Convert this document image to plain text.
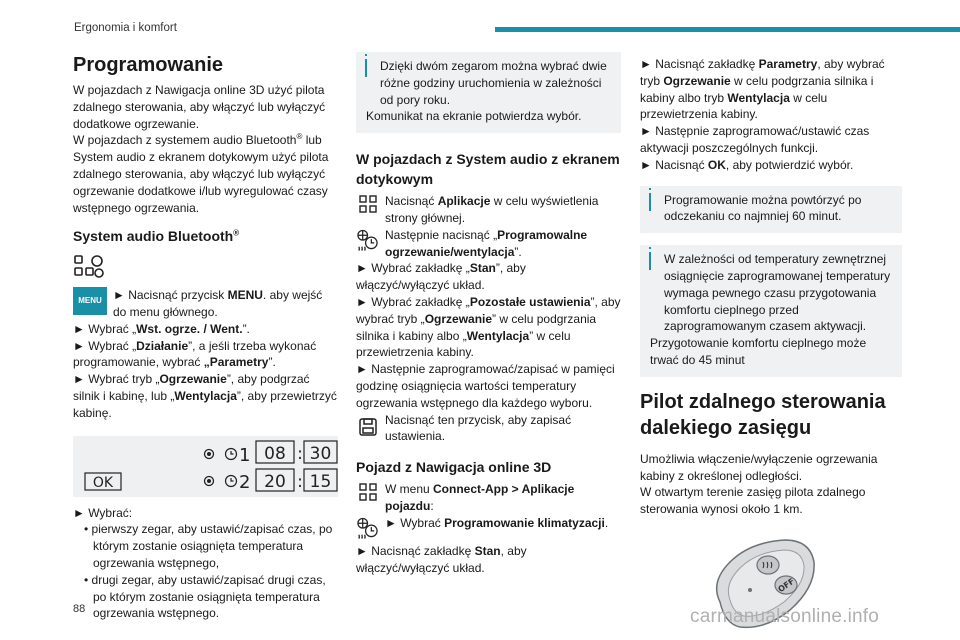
Ergonomia i komfort
Programowanie

W pojazdach z Nawigacja online 3D użyć pilota zdalnego sterowania, aby włączyć lub wyłączyć dodatkowe ogrzewanie.

W pojazdach z systemem audio Bluetooth® lub System audio z ekranem dotykowym użyć pilota zdalnego sterowania, aby włączyć lub wyłączyć ogrzewanie dodatkowe i/lub wyregulować czasy wstępnego ogrzewania.

System audio Bluetooth®
MENU ► Nacisnąć przycisk MENU. aby wejść do menu głównego.

► Wybrać „Wst. ogrze. / Went.”.

► Wybrać „Działanie”, a jeśli trzeba wykonać programowanie, wybrać „Parametry”.

► Wybrać tryb „Ogrzewanie”, aby podgrzać silnik i kabinę, lub „Wentylacja”, aby przewietrzyć kabinę.

1 08 : 30
OK	2 20 : 15

► Wybrać:

• pierwszy zegar, aby ustawić/zapisać czas, po którym zostanie osiągnięta temperatura ogrzewania wstępnego,

• drugi zegar, aby ustawić/zapisać drugi czas, po którym zostanie osiągnięta temperatura ogrzewania wstępnego.

Dzięki dwóm zegarom można wybrać dwie różne godziny uruchomienia w zależności od pory roku.

Komunikat na ekranie potwierdza wybór.

W pojazdach z System audio z ekranem dotykowym
Nacisnąć Aplikacje w celu wyświetlenia strony głównej.
Następnie nacisnąć „Programowalne ogrzewanie/wentylacja”.

► Wybrać zakładkę „Stan”, aby włączyć/wyłączyć układ.

► Wybrać zakładkę „Pozostałe ustawienia”, aby wybrać tryb „Ogrzewanie” w celu podgrzania silnika i kabiny albo „Wentylacja” w celu przewietrzenia kabiny.

► Następnie zaprogramować/zapisać w pamięci godzinę osiągnięcia wartości temperatury ogrzewania wstępnego dla każdego wyboru.

Nacisnąć ten przycisk, aby zapisać ustawienia.
Pojazd z Nawigacja online 3D
W menu Connect-App > Aplikacje pojazdu:
► Wybrać Programowanie klimatyzacji.

► Nacisnąć zakładkę Stan, aby włączyć/wyłączyć układ.

► Nacisnąć zakładkę Parametry, aby wybrać tryb Ogrzewanie w celu podgrzania silnika i kabiny albo tryb Wentylacja w celu przewietrzenia kabiny.

► Następnie zaprogramować/ustawić czas aktywacji poszczególnych funkcji.

► Nacisnąć OK, aby potwierdzić wybór.

Programowanie można powtórzyć po odczekaniu co najmniej 60 minut.

W zależności od temperatury zewnętrznej osiągnięcie zaprogramowanej temperatury wymaga pewnego czasu przygotowania komfortu cieplnego przed zaprogramowanym czasem aktywacji.

Przygotowanie komfortu cieplnego może trwać do 45 minut

Pilot zdalnego sterowania dalekiego zasięgu

Umożliwia włączenie/wyłączenie ogrzewania kabiny z określonej odległości.

W otwartym terenie zasięg pilota zdalnego sterowania wynosi około 1 km.

OFF
88	carmanualsonline.info
